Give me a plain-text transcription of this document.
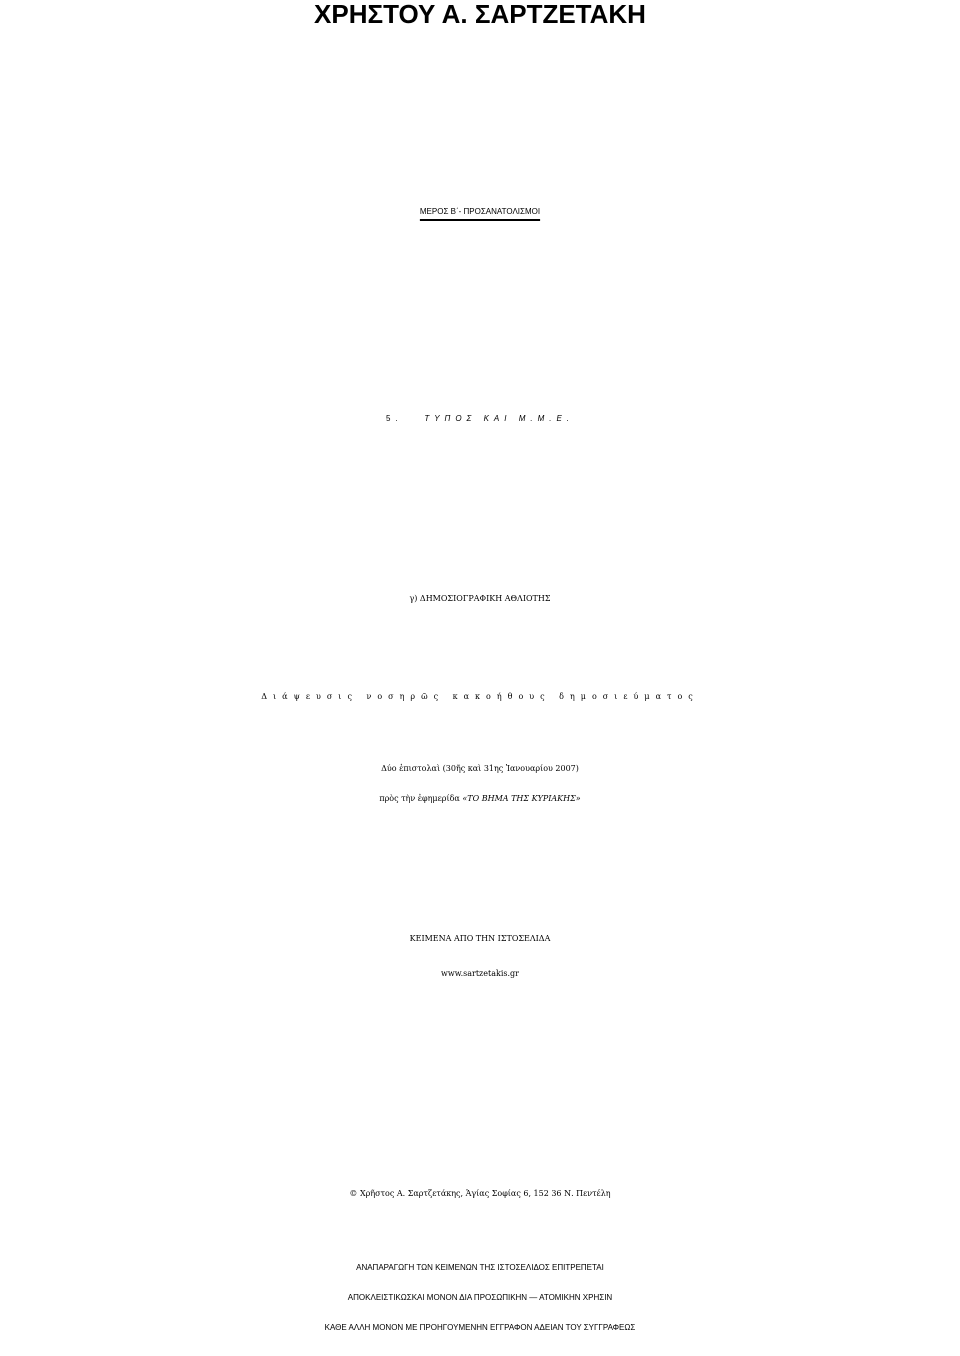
ΧΡΗΣΤΟΥ Α. ΣΑΡΤΖΕΤΑΚΗ
ΜΕΡΟΣ Β΄- ΠΡΟΣΑΝΑΤΟΛΙΣΜΟΙ
5.	ΤΥΠΟΣ ΚΑΙ Μ.Μ.Ε.
γ) ΔΗΜΟΣΙΟΓΡΑΦΙΚΗ ΑΘΛΙΟΤΗΣ
Διάψευσις νοσηρῶς κακοήθους δημοσιεύματος
Δύο ἐπιστολαὶ (30ῆς καὶ 31ης Ἰανουαρίου 2007)
πρὸς τὴν ἐφημερίδα «ΤΟ ΒΗΜΑ ΤΗΣ ΚΥΡΙΑΚΗΣ»
ΚΕΙΜΕΝΑ ΑΠΟ ΤΗΝ ΙΣΤΟΣΕΛΙΔΑ
www.sartzetakis.gr
© Χρῆστος Α. Σαρτζετάκης, Ἁγίας Σοφίας 6, 152 36 Ν. Πεντέλη
ΑΝΑΠΑΡΑΓΩΓΗ ΤΩΝ ΚΕΙΜΕΝΩΝ ΤΗΣ ΙΣΤΟΣΕΛΙΔΟΣ ΕΠΙΤΡΕΠΕΤΑΙ
ΑΠΟΚΛΕΙΣΤΙΚΩΣΚΑΙ ΜΟΝΟΝ ΔΙΑ ΠΡΟΣΩΠΙΚΗΝ — ΑΤΟΜΙΚΗΝ ΧΡΗΣΙΝ
ΚΑΘΕ ΑΛΛΗ ΜΟΝΟΝ ΜΕ ΠΡΟΗΓΟΥΜΕΝΗΝ ΕΓΓΡΑΦΟΝ ΑΔΕΙΑΝ ΤΟΥ ΣΥΓΓΡΑΦΕΩΣ
